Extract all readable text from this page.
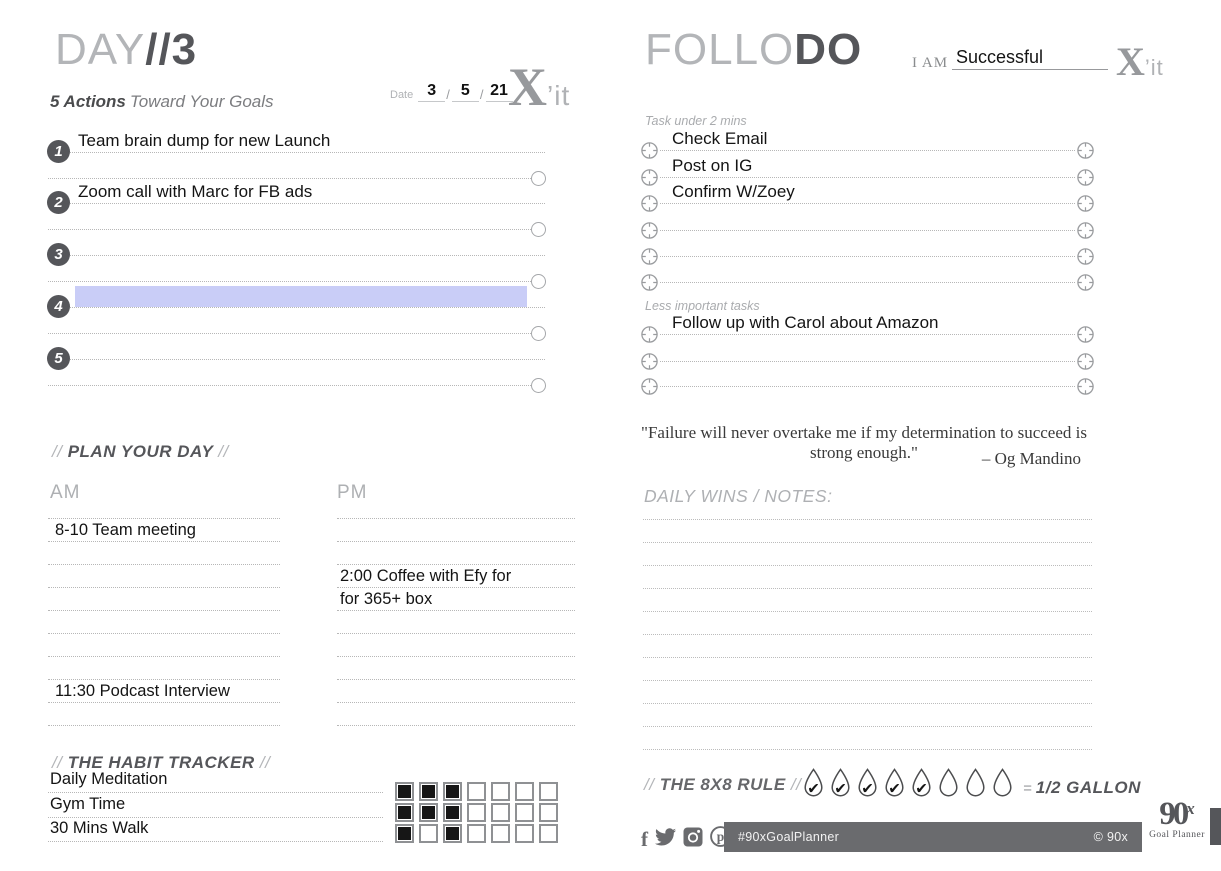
DAY//3
5 Actions Toward Your Goals	Date 3 / 5 / 21 X’it
Team brain dump for new Launch
1
Zoom call with Marc for FB ads
2
3
4
5
// PLAN YOUR DAY //
AM	PM
8-10 Team meeting
11:30 Podcast Interview
2:00 Coffee with Efy for
for 365+ box
// THE HABIT TRACKER //
Daily Meditation
Gym Time
30 Mins Walk
FOLLODO	I AM Successful X’it
Task under 2 mins
Check Email
Post on IG
Confirm W/Zoey
Less important tasks
Follow up with Carol about Amazon
"Failure will never overtake me if my determination to succeed is strong enough."	– Og Mandino
DAILY WINS / NOTES:
// THE 8X8 RULE // ✔ ✔ ✔ ✔ ✔	= 1/2 GALLON
f	p #90xGoalPlanner	© 90x
90x
Goal Planner
